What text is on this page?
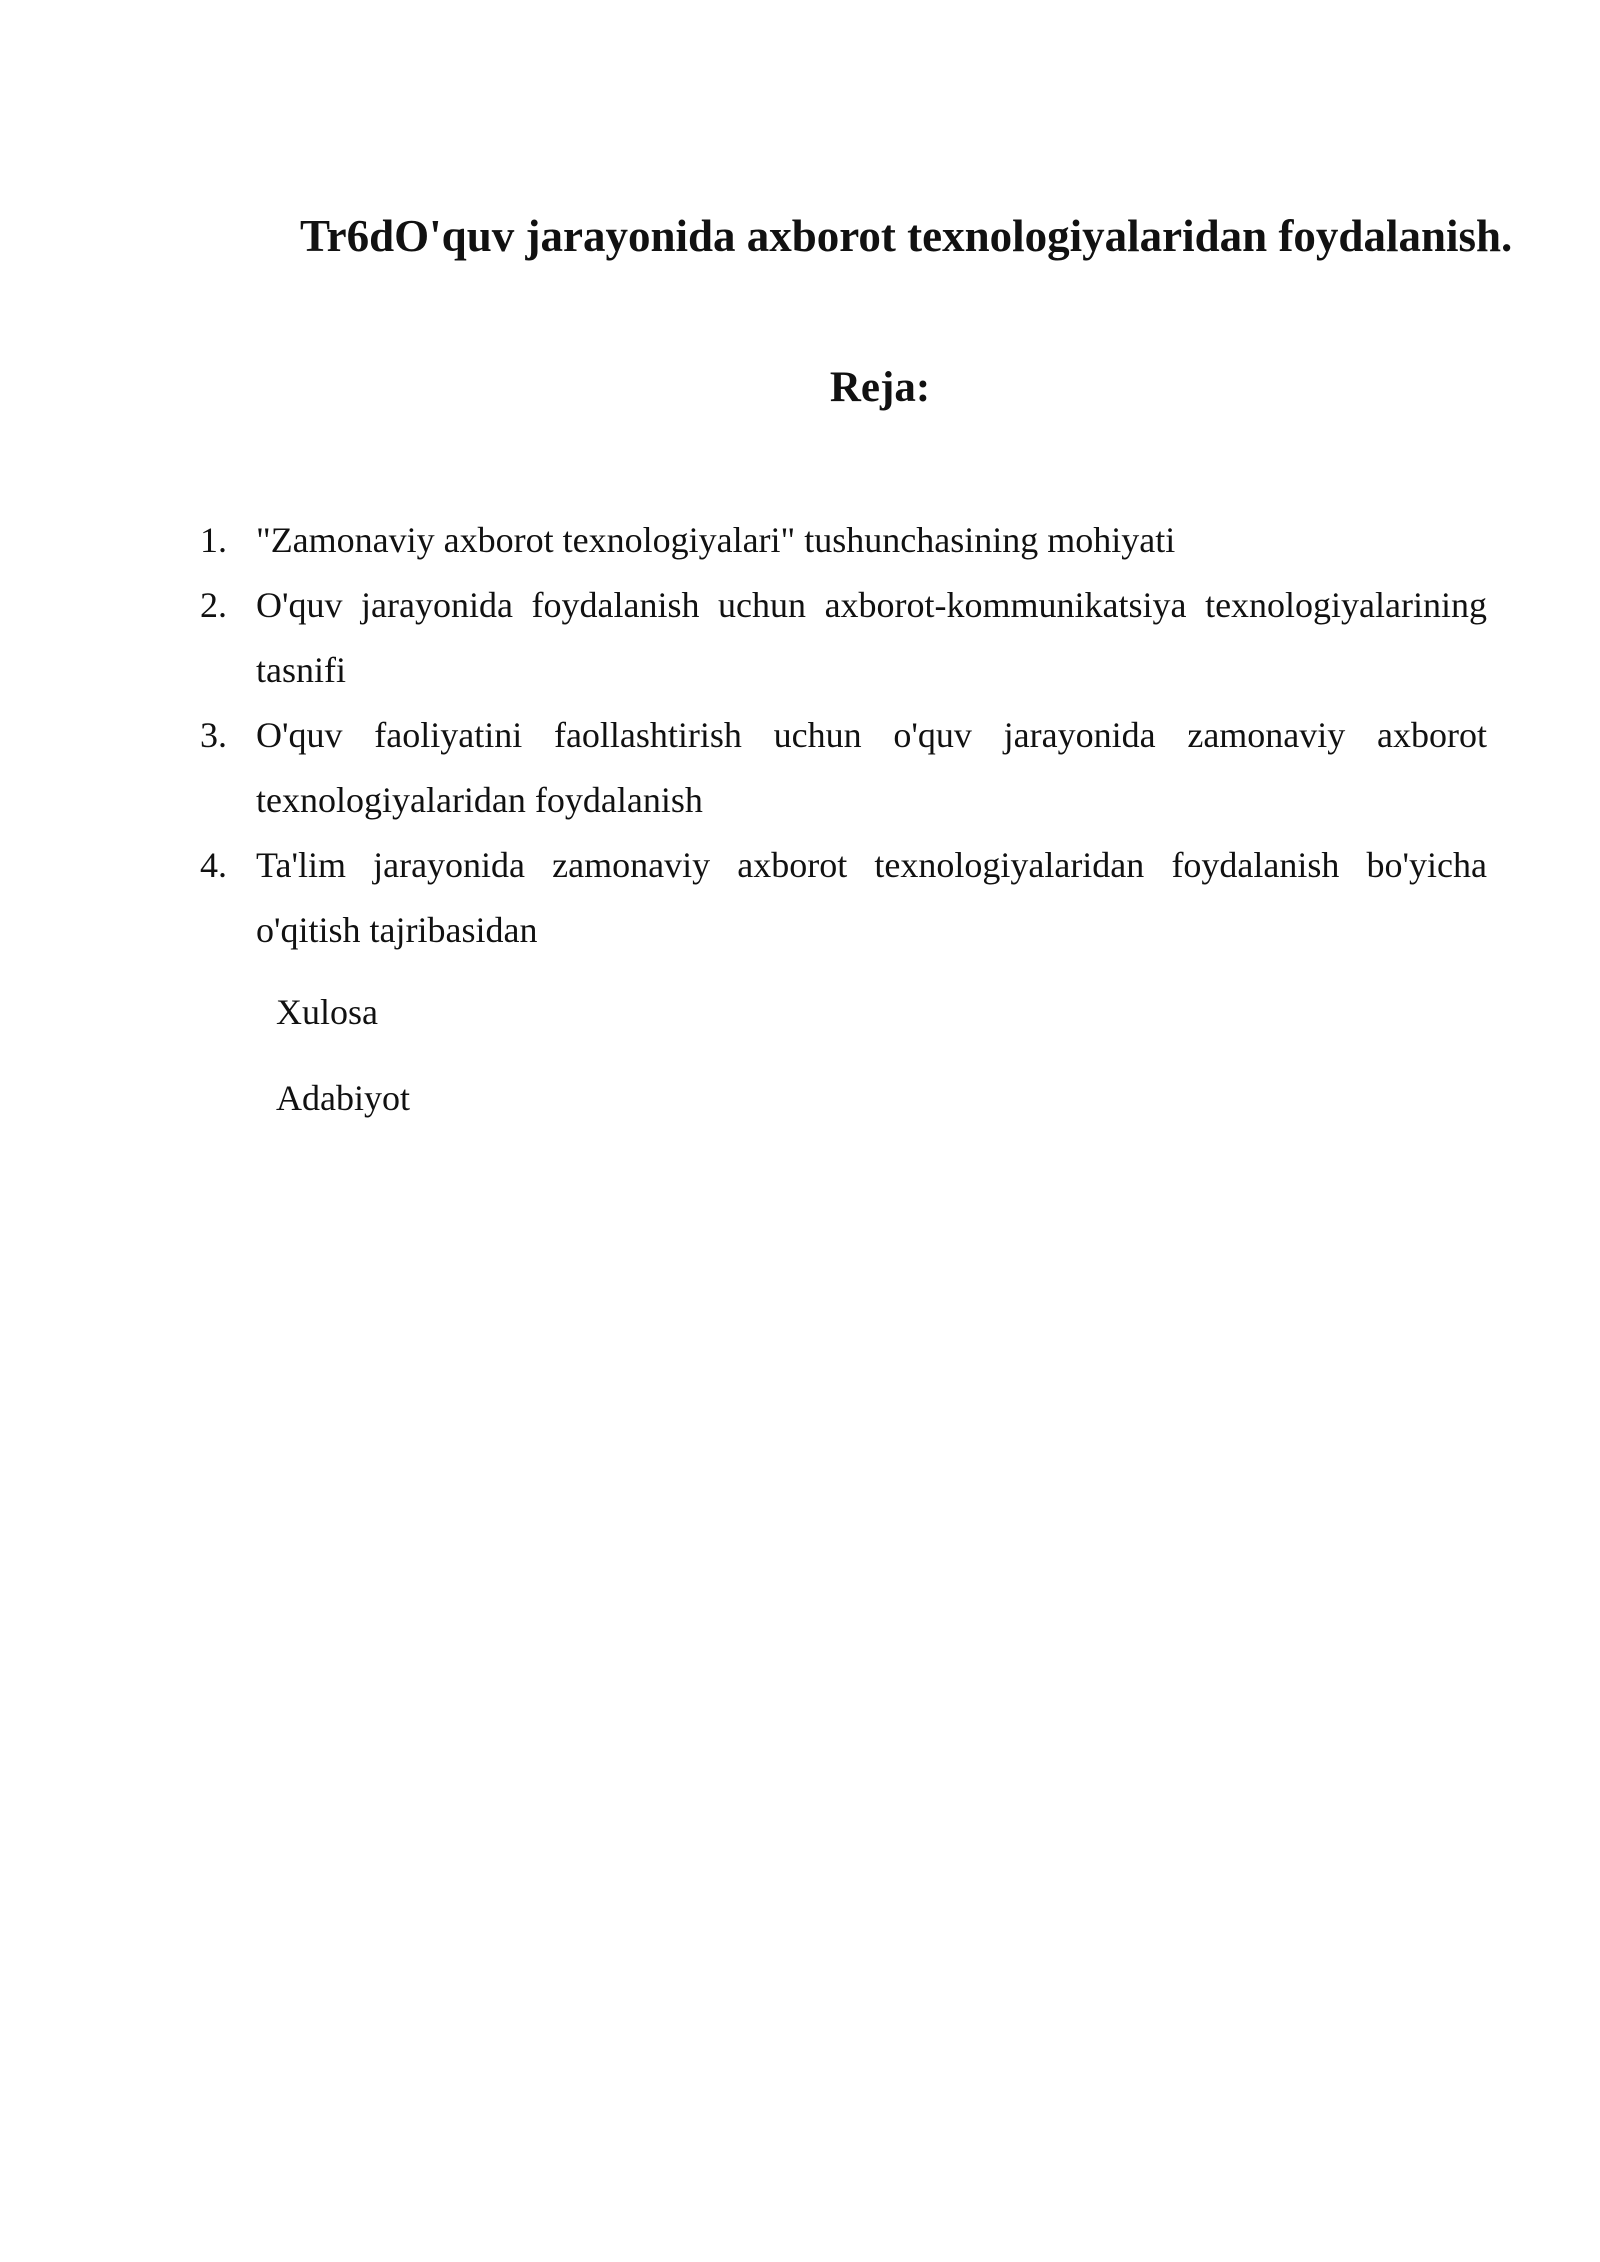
Tr6dO'quv jarayonida axborot texnologiyalaridan foydalanish.
Reja:
1. "Zamonaviy axborot texnologiyalari" tushunchasining mohiyati
2. O'quv jarayonida foydalanish uchun axborot-kommunikatsiya texnologiyalarining tasnifi
3. O'quv faoliyatini faollashtirish uchun o'quv jarayonida zamonaviy axborot texnologiyalaridan foydalanish
4. Ta'lim jarayonida zamonaviy axborot texnologiyalaridan foydalanish bo'yicha o'qitish tajribasidan

Xulosa

Adabiyot
